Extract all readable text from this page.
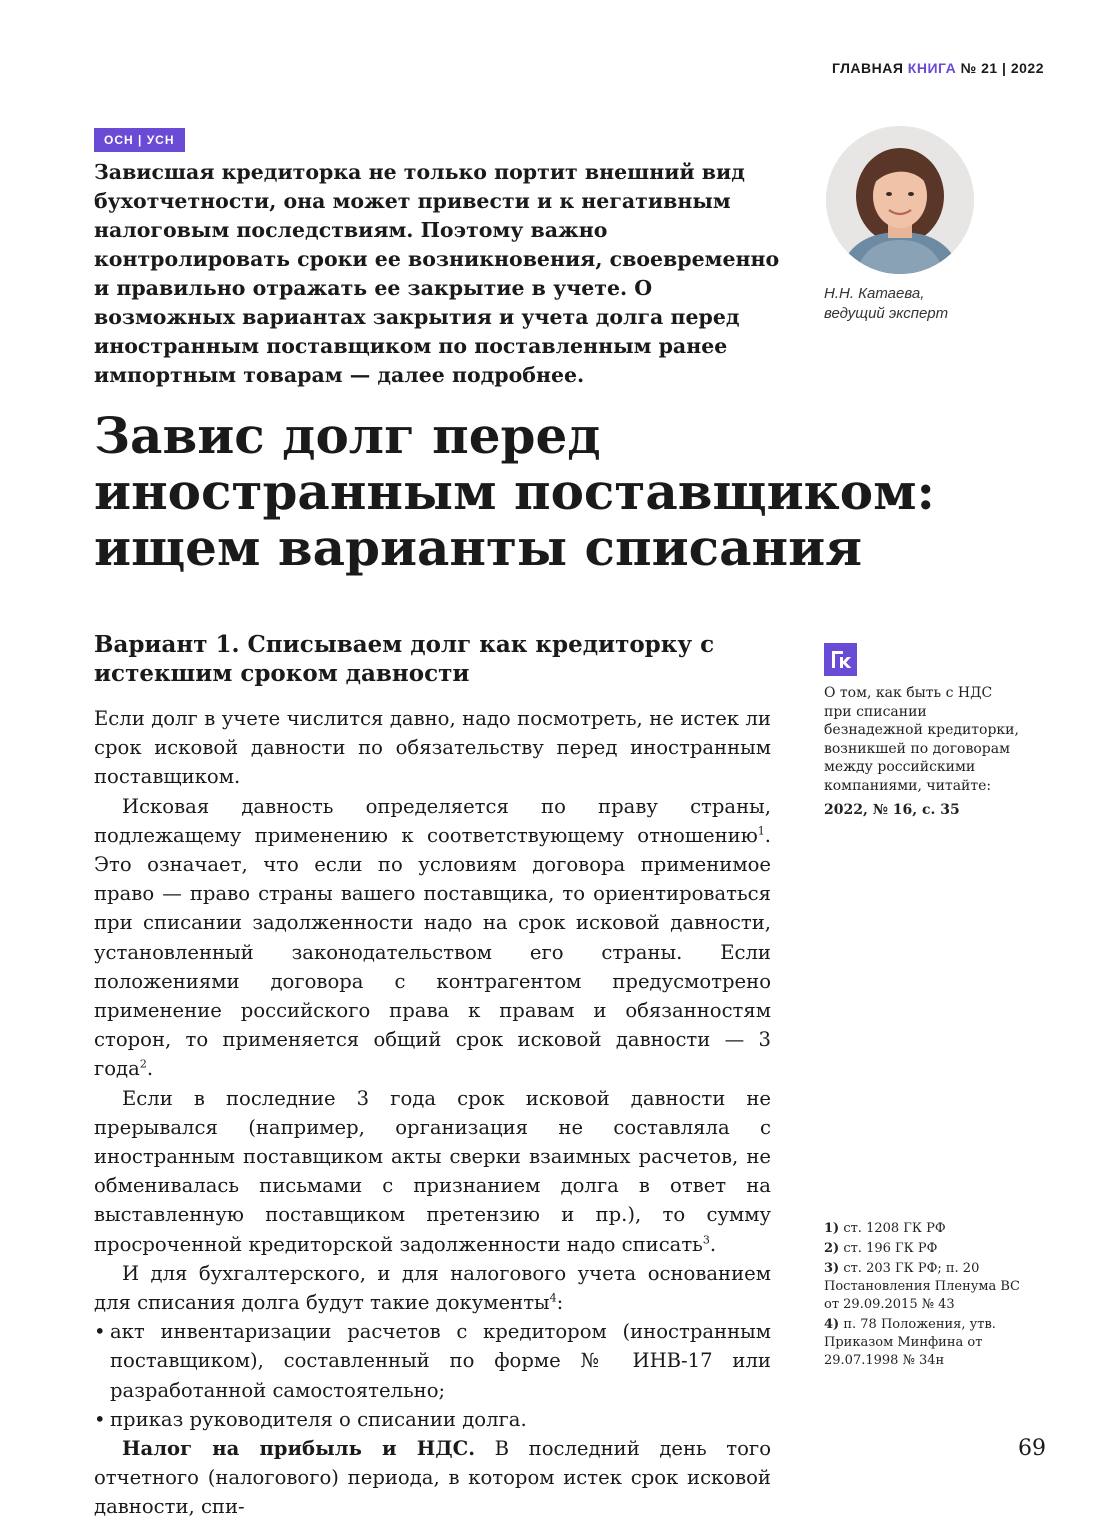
ГЛАВНАЯ КНИГА № 21 | 2022
ОСН | УСН

Зависшая кредиторка не только портит внешний вид бухотчетности, она может привести и к негативным налоговым последствиям. Поэтому важно контролировать сроки ее возникновения, своевременно и правильно отражать ее закрытие в учете. О возможных вариантах закрытия и учета долга перед иностранным поставщиком по поставленным ранее импортным товарам — далее подробнее.

Н.Н. Катаева,
ведущий эксперт
Завис долг перед иностранным поставщиком: ищем варианты списания
Вариант 1. Списываем долг как кредиторку с истекшим сроком давности

Если долг в учете числится давно, надо посмотреть, не истек ли срок исковой давности по обязательству перед иностранным поставщиком.

Исковая давность определяется по праву страны, подлежащему применению к соответствующему отношению$^1$. Это означает, что если по условиям договора применимое право — право страны вашего поставщика, то ориентироваться при списании задолженности надо на срок исковой давности, установленный законодательством его страны. Если положениями договора с контрагентом предусмотрено применение российского права к правам и обязанностям сторон, то применяется общий срок исковой давности — 3 года$^2$.

Если в последние 3 года срок исковой давности не прерывался (например, организация не составляла с иностранным поставщиком акты сверки взаимных расчетов, не обменивалась письмами с признанием долга в ответ на выставленную поставщиком претензию и пр.), то сумму просроченной кредиторской задолженности надо списать$^3$.

И для бухгалтерского, и для налогового учета основанием для списания долга будут такие документы$^4$:

• акт инвентаризации расчетов с кредитором (иностранным поставщиком), составленный по форме № ИНВ-17 или разработанной самостоятельно;
• приказ руководителя о списании долга.

Налог на прибыль и НДС. В последний день того отчетного (налогового) периода, в котором истек срок исковой давности, спи-

О том, как быть с НДС при списании безнадежной кредиторки, возникшей по договорам между российскими компаниями, читайте:
2022, № 16, с. 35
1) ст. 1208 ГК РФ
2) ст. 196 ГК РФ
3) ст. 203 ГК РФ; п. 20 Постановления Пленума ВС от 29.09.2015 № 43
4) п. 78 Положения, утв. Приказом Минфина от 29.07.1998 № 34н
69
